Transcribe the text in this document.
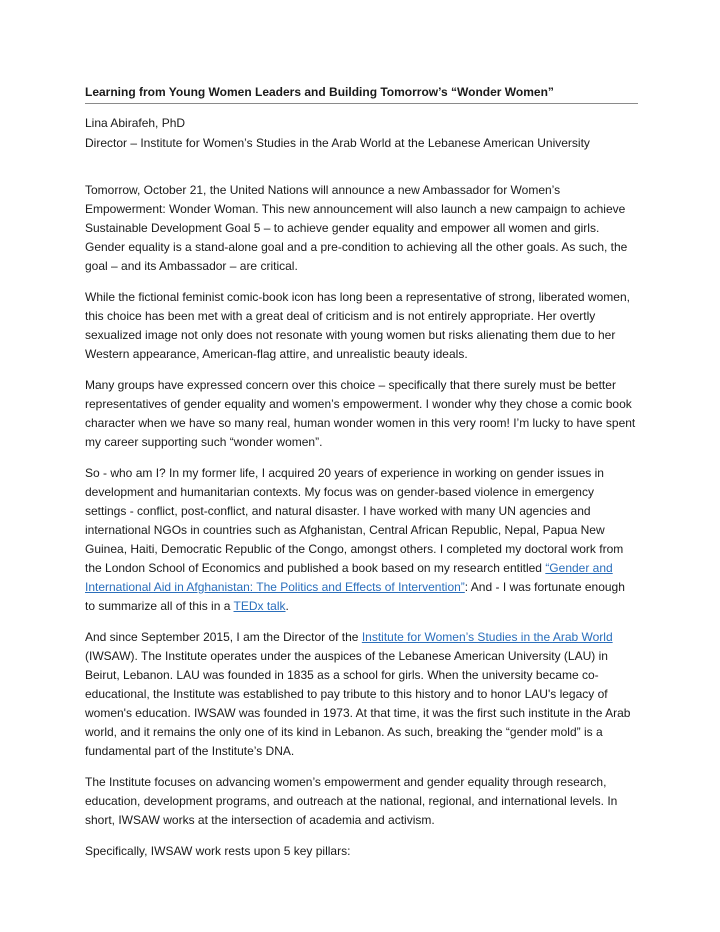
Learning from Young Women Leaders and Building Tomorrow’s “Wonder Women”
Lina Abirafeh, PhD
Director – Institute for Women’s Studies in the Arab World at the Lebanese American University

Tomorrow, October 21, the United Nations will announce a new Ambassador for Women’s Empowerment: Wonder Woman. This new announcement will also launch a new campaign to achieve Sustainable Development Goal 5 – to achieve gender equality and empower all women and girls. Gender equality is a stand-alone goal and a pre-condition to achieving all the other goals. As such, the goal – and its Ambassador – are critical.

While the fictional feminist comic-book icon has long been a representative of strong, liberated women, this choice has been met with a great deal of criticism and is not entirely appropriate. Her overtly sexualized image not only does not resonate with young women but risks alienating them due to her Western appearance, American-flag attire, and unrealistic beauty ideals.

Many groups have expressed concern over this choice – specifically that there surely must be better representatives of gender equality and women’s empowerment. I wonder why they chose a comic book character when we have so many real, human wonder women in this very room! I’m lucky to have spent my career supporting such “wonder women”.

So - who am I? In my former life, I acquired 20 years of experience in working on gender issues in development and humanitarian contexts. My focus was on gender-based violence in emergency settings - conflict, post-conflict, and natural disaster. I have worked with many UN agencies and international NGOs in countries such as Afghanistan, Central African Republic, Nepal, Papua New Guinea, Haiti, Democratic Republic of the Congo, amongst others. I completed my doctoral work from the London School of Economics and published a book based on my research entitled “Gender and International Aid in Afghanistan: The Politics and Effects of Intervention”: And - I was fortunate enough to summarize all of this in a TEDx talk.

And since September 2015, I am the Director of the Institute for Women’s Studies in the Arab World (IWSAW). The Institute operates under the auspices of the Lebanese American University (LAU) in Beirut, Lebanon. LAU was founded in 1835 as a school for girls. When the university became co-educational, the Institute was established to pay tribute to this history and to honor LAU's legacy of women's education. IWSAW was founded in 1973. At that time, it was the first such institute in the Arab world, and it remains the only one of its kind in Lebanon. As such, breaking the “gender mold” is a fundamental part of the Institute’s DNA.

The Institute focuses on advancing women’s empowerment and gender equality through research, education, development programs, and outreach at the national, regional, and international levels. In short, IWSAW works at the intersection of academia and activism.

Specifically, IWSAW work rests upon 5 key pillars:
